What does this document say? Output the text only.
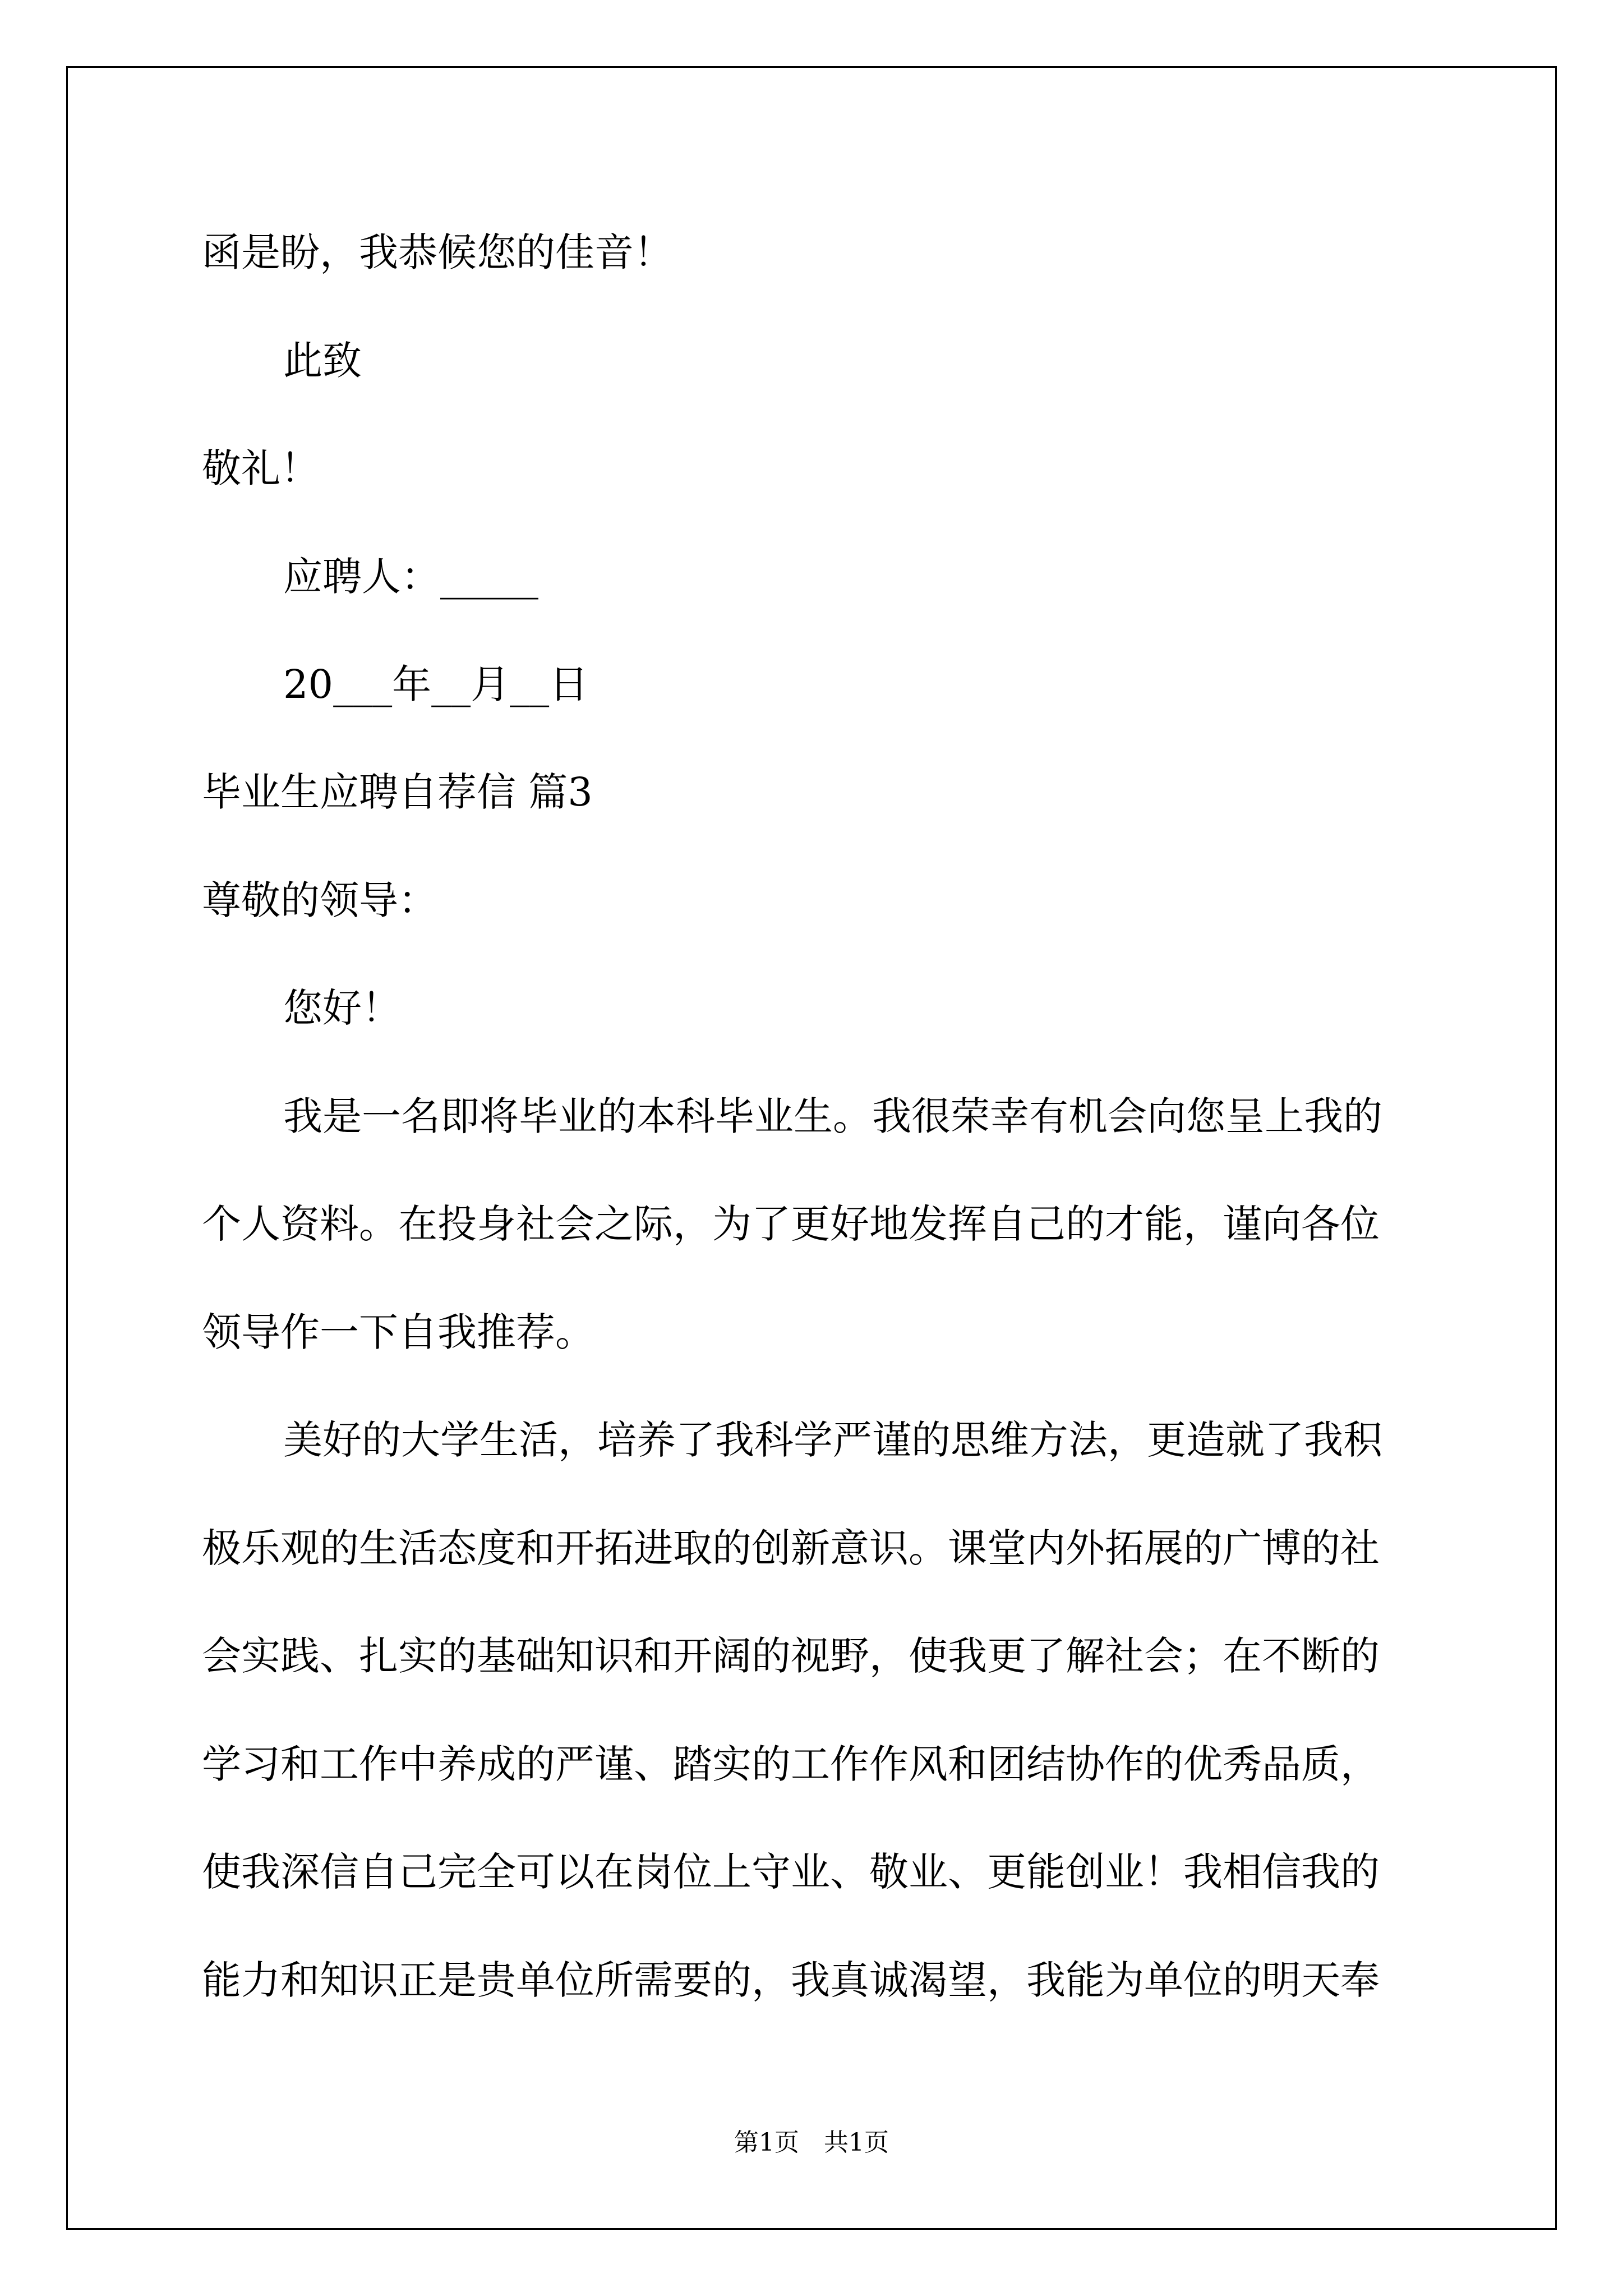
函是盼，我恭候您的佳音！
此致
敬礼！
应聘人：_____
20___年__月__日
毕业生应聘自荐信 篇3
尊敬的领导：
您好！
我是一名即将毕业的本科毕业生。我很荣幸有机会向您呈上我的
个人资料。在投身社会之际，为了更好地发挥自己的才能，谨向各位
领导作一下自我推荐。
美好的大学生活，培养了我科学严谨的思维方法，更造就了我积
极乐观的生活态度和开拓进取的创新意识。课堂内外拓展的广博的社
会实践、扎实的基础知识和开阔的视野，使我更了解社会；在不断的
学习和工作中养成的严谨、踏实的工作作风和团结协作的优秀品质，
使我深信自己完全可以在岗位上守业、敬业、更能创业！我相信我的
能力和知识正是贵单位所需要的，我真诚渴望，我能为单位的明天奉
第1页　共1页
